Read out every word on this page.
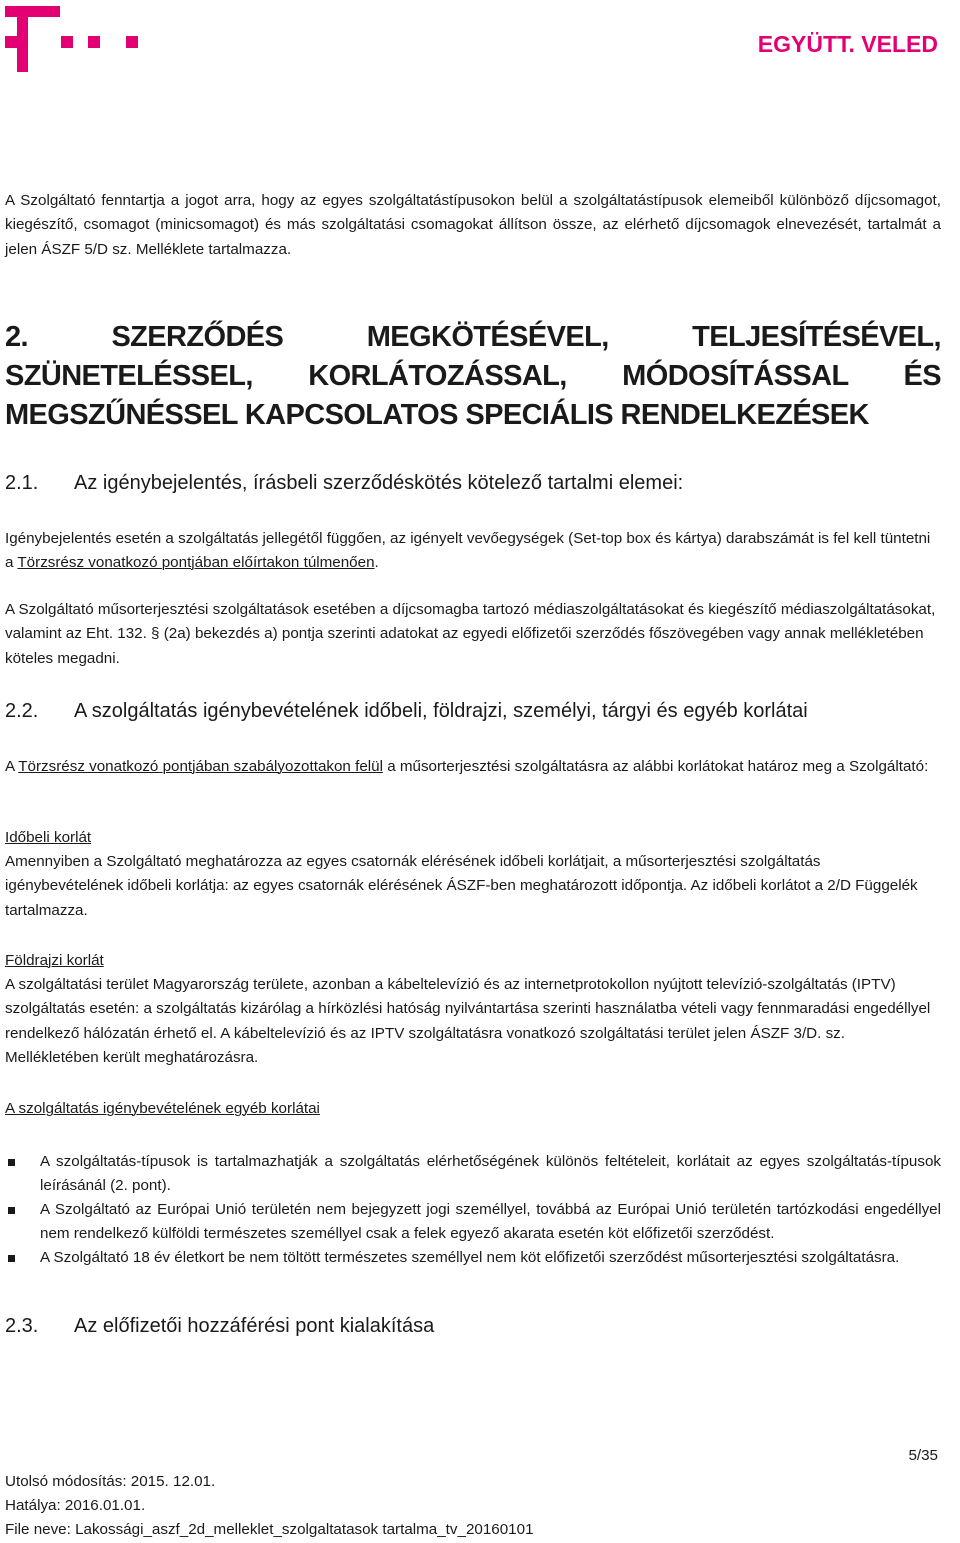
EGYÜTT. VELED

A Szolgáltató fenntartja a jogot arra, hogy az egyes szolgáltatástípusokon belül a szolgáltatástípusok elemeiből különböző díjcsomagot, kiegészítő, csomagot (minicsomagot) és más szolgáltatási csomagokat állítson össze, az elérhető díjcsomagok elnevezését, tartalmát a jelen ÁSZF 5/D sz. Melléklete tartalmazza.

2. SZERZŐDÉS MEGKÖTÉSÉVEL, TELJESÍTÉSÉVEL, SZÜNETELÉSSEL, KORLÁTOZÁSSAL, MÓDOSÍTÁSSAL ÉS MEGSZŰNÉSSEL KAPCSOLATOS SPECIÁLIS RENDELKEZÉSEK
2.1. Az igénybejelentés, írásbeli szerződéskötés kötelező tartalmi elemei:

Igénybejelentés esetén a szolgáltatás jellegétől függően, az igényelt vevőegységek (Set-top box és kártya) darabszámát is fel kell tüntetni a Törzsrész vonatkozó pontjában előírtakon túlmenően.

A Szolgáltató műsorterjesztési szolgáltatások esetében a díjcsomagba tartozó médiaszolgáltatásokat és kiegészítő médiaszolgáltatásokat, valamint az Eht. 132. § (2a) bekezdés a) pontja szerinti adatokat az egyedi előfizetői szerződés főszövegében vagy annak mellékletében köteles megadni.

2.2. A szolgáltatás igénybevételének időbeli, földrajzi, személyi, tárgyi és egyéb korlátai

A Törzsrész vonatkozó pontjában szabályozottakon felül a műsorterjesztési szolgáltatásra az alábbi korlátokat határoz meg a Szolgáltató:

Időbeli korlát

Amennyiben a Szolgáltató meghatározza az egyes csatornák elérésének időbeli korlátjait, a műsorterjesztési szolgáltatás igénybevételének időbeli korlátja: az egyes csatornák elérésének ÁSZF-ben meghatározott időpontja. Az időbeli korlátot a 2/D Függelék tartalmazza.

Földrajzi korlát

A szolgáltatási terület Magyarország területe, azonban a kábeltelevízió és az internetprotokollon nyújtott televízió-szolgáltatás (IPTV) szolgáltatás esetén: a szolgáltatás kizárólag a hírközlési hatóság nyilvántartása szerinti használatba vételi vagy fennmaradási engedéllyel rendelkező hálózatán érhető el. A kábeltelevízió és az IPTV szolgáltatásra vonatkozó szolgáltatási terület jelen ÁSZF 3/D. sz. Mellékletében került meghatározásra.

A szolgáltatás igénybevételének egyéb korlátai
A szolgáltatás-típusok is tartalmazhatják a szolgáltatás elérhetőségének különös feltételeit, korlátait az egyes szolgáltatás-típusok leírásánál (2. pont).
A Szolgáltató az Európai Unió területén nem bejegyzett jogi személlyel, továbbá az Európai Unió területén tartózkodási engedéllyel nem rendelkező külföldi természetes személlyel csak a felek egyező akarata esetén köt előfizetői szerződést.
A Szolgáltató 18 év életkort be nem töltött természetes személlyel nem köt előfizetői szerződést műsorterjesztési szolgáltatásra.
2.3. Az előfizetői hozzáférési pont kialakítása
5/35
Utolsó módosítás: 2015. 12.01.
Hatálya: 2016.01.01.
File neve: Lakossági_aszf_2d_melleklet_szolgaltatasok tartalma_tv_20160101
